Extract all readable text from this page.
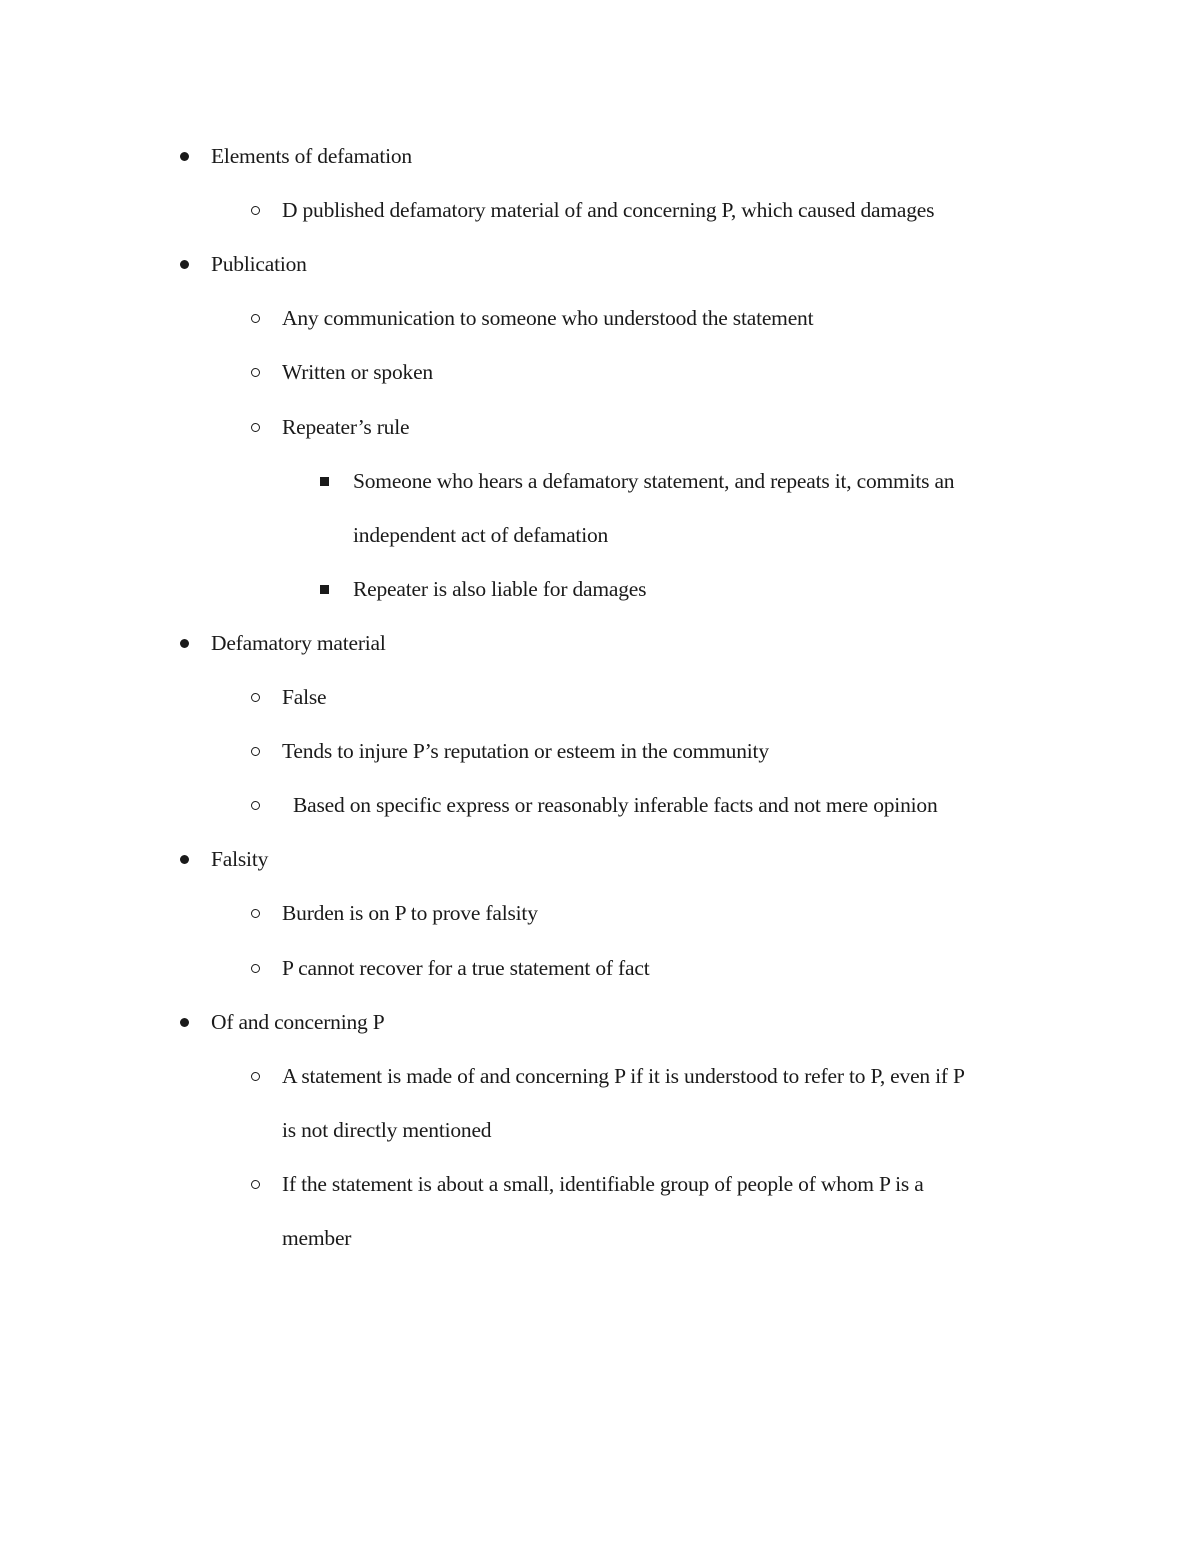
Elements of defamation
D published defamatory material of and concerning P, which caused damages
Publication
Any communication to someone who understood the statement
Written or spoken
Repeater’s rule
Someone who hears a defamatory statement, and repeats it, commits an
independent act of defamation
Repeater is also liable for damages
Defamatory material
False
Tends to injure P’s reputation or esteem in the community
Based on specific express or reasonably inferable facts and not mere opinion
Falsity
Burden is on P to prove falsity
P cannot recover for a true statement of fact
Of and concerning P
A statement is made of and concerning P if it is understood to refer to P, even if P
is not directly mentioned
If the statement is about a small, identifiable group of people of whom P is a
member
